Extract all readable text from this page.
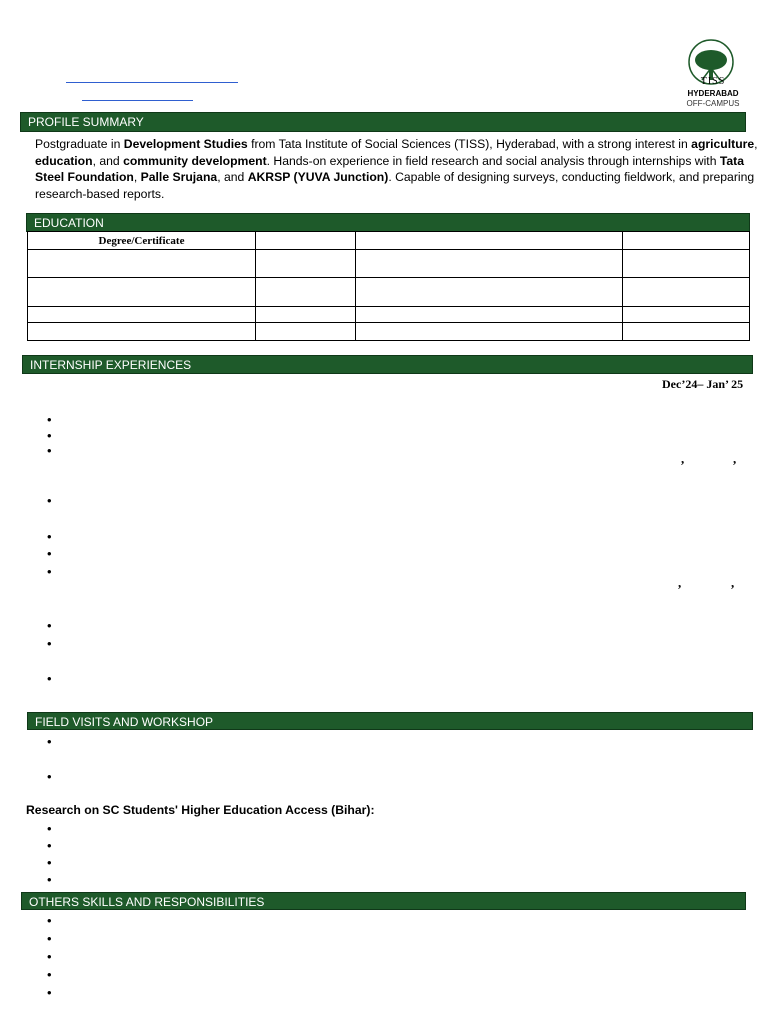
TISS
HYDERABAD
OFF-CAMPUS
PROFILE SUMMARY
Postgraduate in Development Studies from Tata Institute of Social Sciences (TISS), Hyderabad, with a strong interest in agriculture, education, and community development. Hands-on experience in field research and social analysis through internships with Tata Steel Foundation, Palle Srujana, and AKRSP (YUVA Junction). Capable of designing surveys, conducting fieldwork, and preparing research-based reports.
EDUCATION
Degree/Certificate			

INTERNSHIP EXPERIENCES
Dec’24– Jan’ 25
•
•
•
,	,
•
•
•
•
,	,
•
•
•
FIELD VISITS AND WORKSHOP
•
•
Research on SC Students' Higher Education Access (Bihar):
•
•
•
•
OTHERS SKILLS AND RESPONSIBILITIES
•
•
•
•
•
